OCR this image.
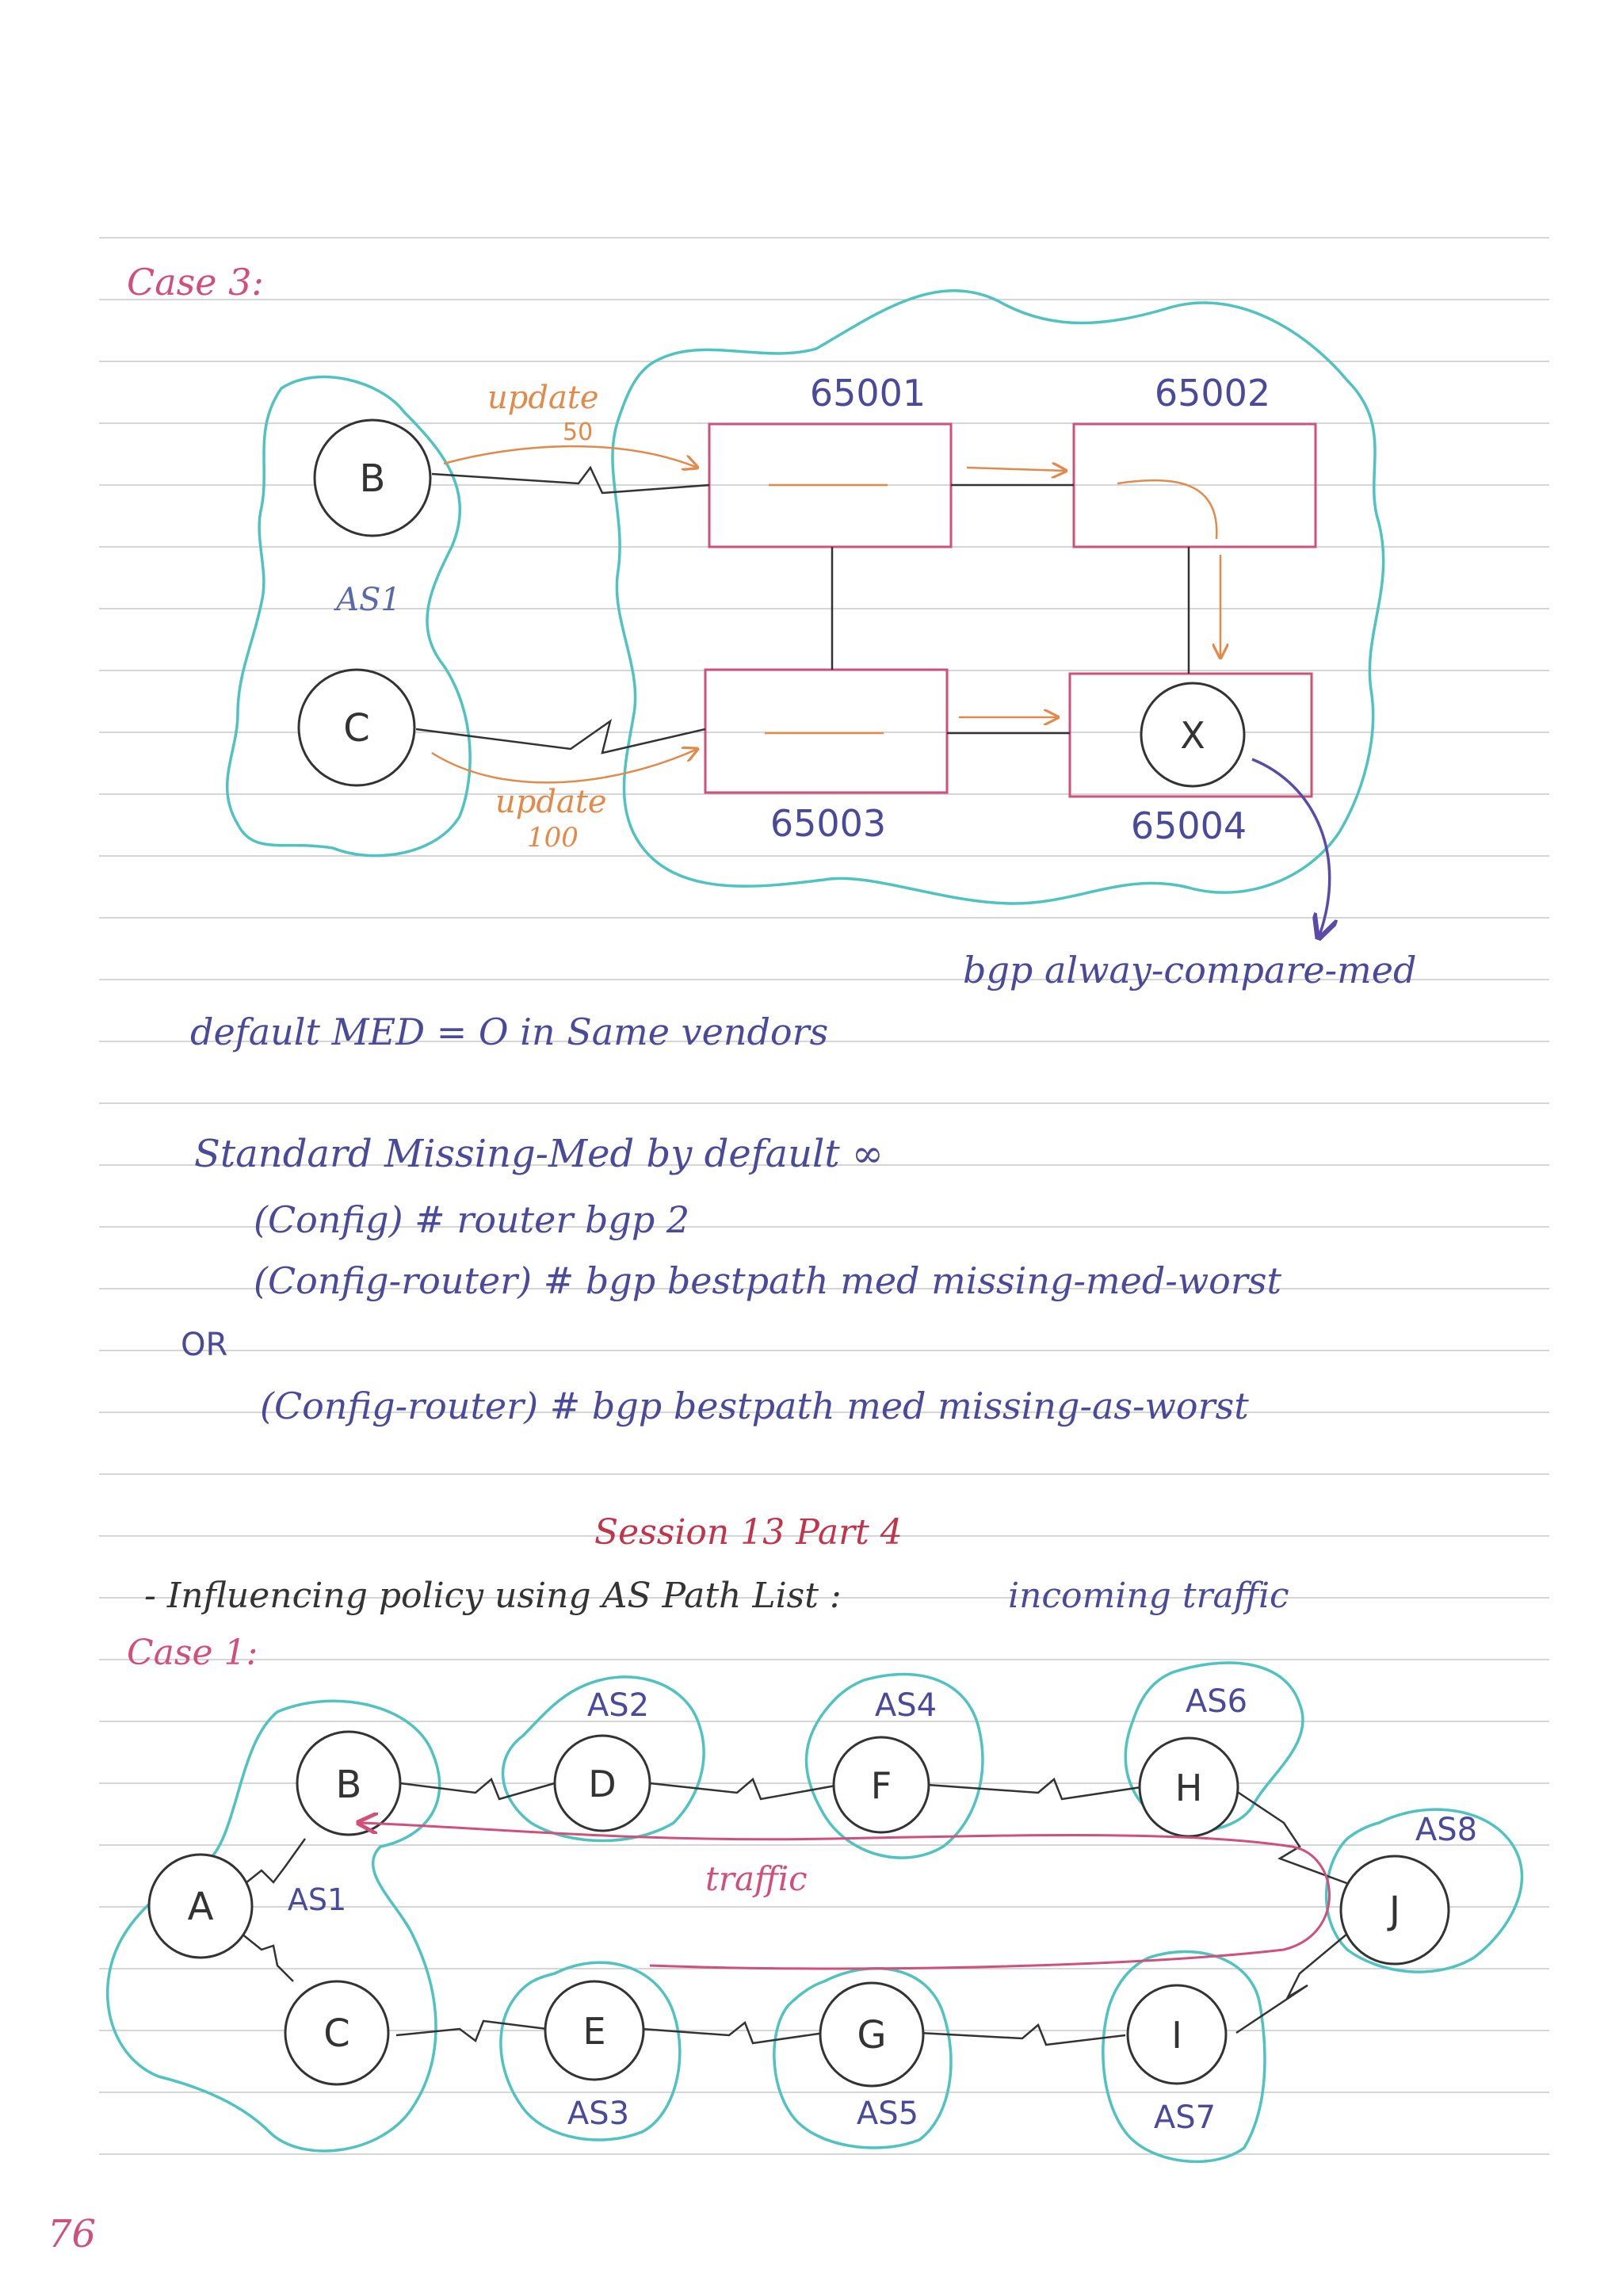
Case 3:
B
C	X
AS1
update
50
update
100
65001	65002
65003	65004
bgp alway-compare-med
default MED = O in Same vendors
Standard Missing-Med by default ∞
(Config) # router bgp 2
(Config-router) # bgp bestpath med missing-med-worst
OR
(Config-router) # bgp bestpath med missing-as-worst
Session 13 Part 4
- Influencing policy using AS Path List :	incoming traffic
Case 1:
B
A
C
D	F	H
J
E	G	I
AS1
AS2	AS4	AS6
AS8
AS3	AS5	AS7
traffic
76
